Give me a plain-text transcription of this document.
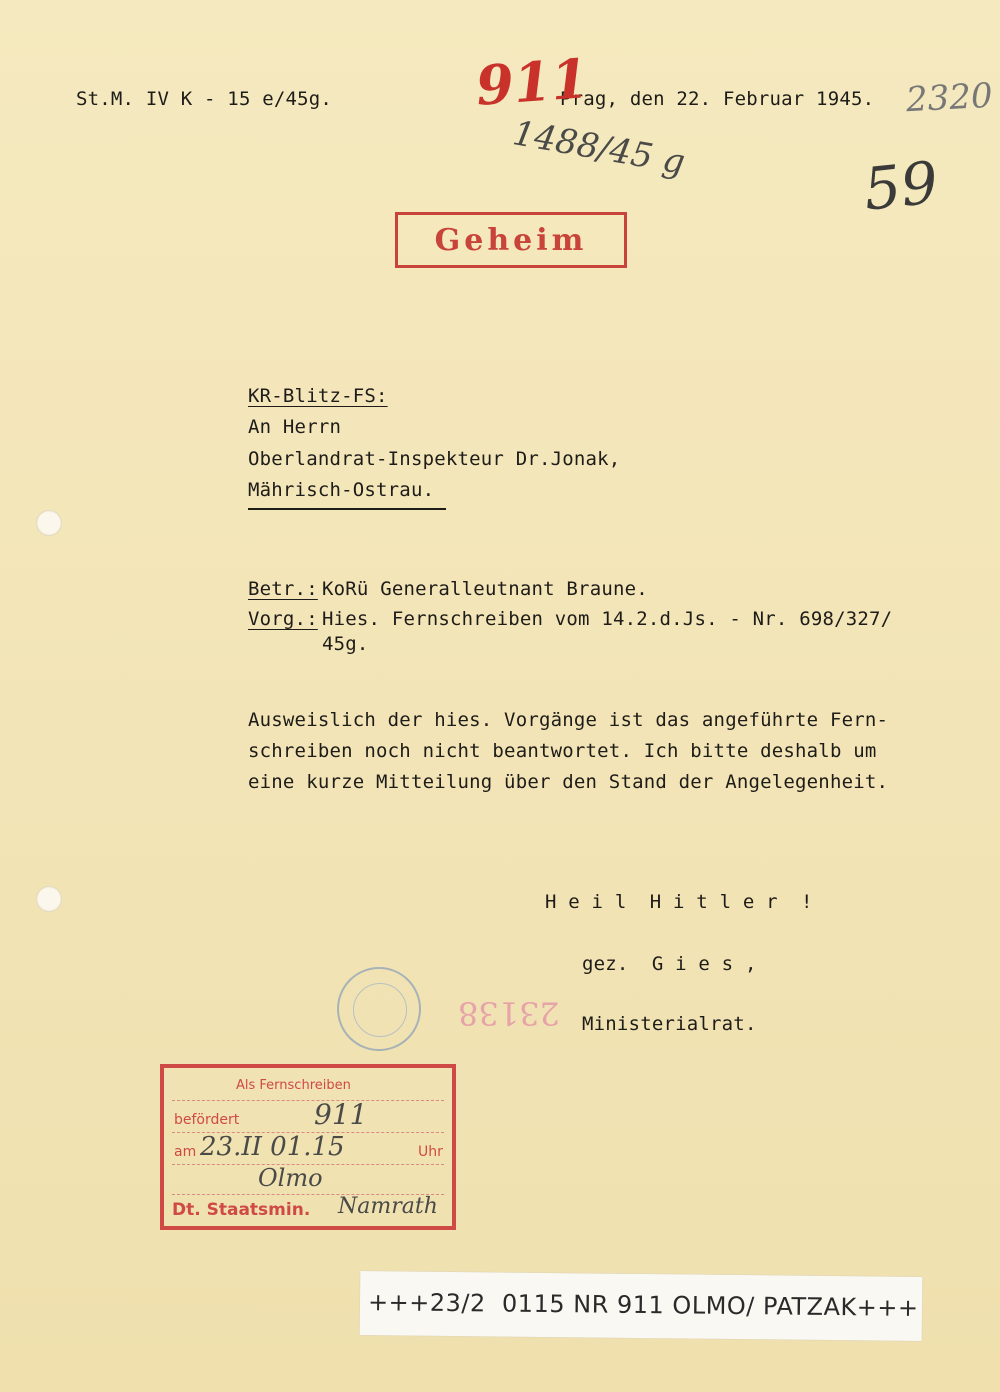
St.M. IV K - 15 e/45g.	Prag, den 22. Februar 1945.
911
1488/45 g
2320
59
Geheim
KR-Blitz-FS:
An Herrn
Oberlandrat-Inspekteur Dr.Jonak,
Mährisch-Ostrau.
Betr.: KoRü Generalleutnant Braune.
Vorg.: Hies. Fernschreiben vom 14.2.d.Js. - Nr. 698/327/
45g.
Ausweislich der hies. Vorgänge ist das angeführte Fern-
schreiben noch nicht beantwortet. Ich bitte deshalb um
eine kurze Mitteilung über den Stand der Angelegenheit.
H e i l  H i t l e r  !
gez.  G i e s ,
Ministerialrat.
23138
Als Fernschreiben
befördert	911
am 23.II 01.15	Uhr
Olmo
Dt. Staatsmin. Namrath
+++23/2  0115 NR 911 OLMO/ PATZAK+++
